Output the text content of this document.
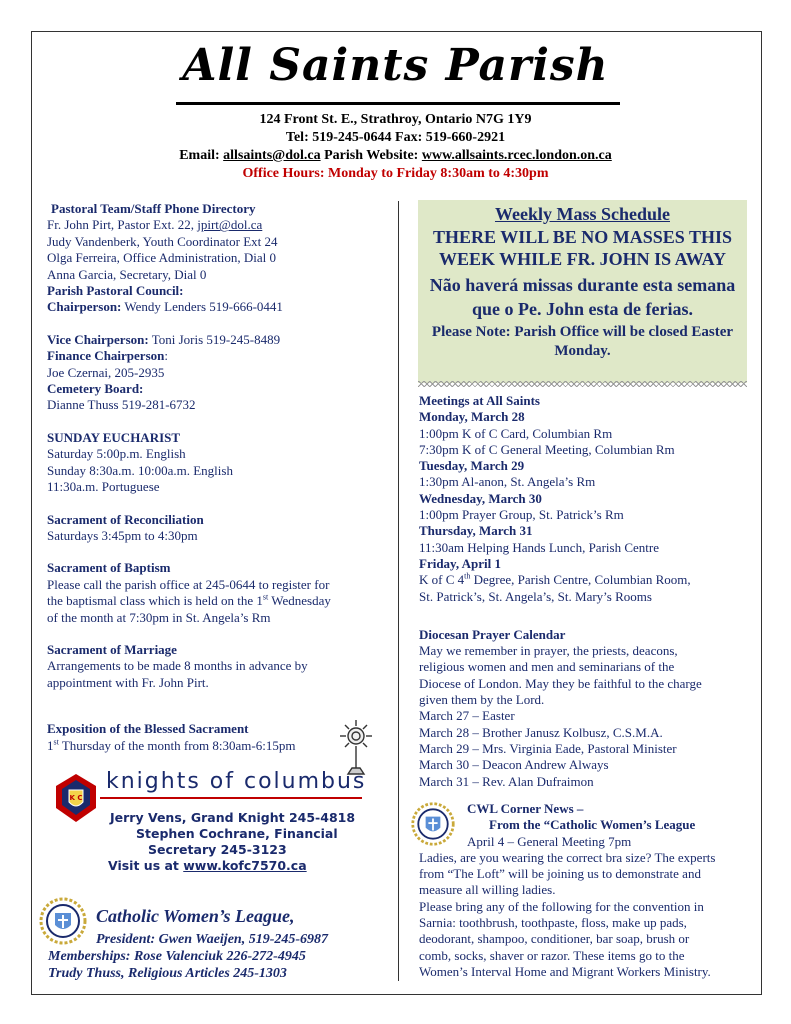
All Saints Parish
124 Front St. E., Strathroy, Ontario N7G 1Y9
Tel: 519-245-0644 Fax: 519-660-2921
Email: allsaints@dol.ca Parish Website: www.allsaints.rcec.london.on.ca
Office Hours: Monday to Friday 8:30am to 4:30pm
Pastoral Team/Staff Phone Directory
Fr. John Pirt, Pastor Ext. 22, jpirt@dol.ca
Judy Vandenberk, Youth Coordinator Ext 24
Olga Ferreira, Office Administration, Dial 0
Anna Garcia, Secretary, Dial 0
Parish Pastoral Council:
Chairperson: Wendy Lenders 519-666-0441
Vice Chairperson: Toni Joris 519-245-8489
Finance Chairperson:
Joe Czernai, 205-2935
Cemetery Board:
Dianne Thuss 519-281-6732
SUNDAY EUCHARIST
Saturday 5:00p.m. English
Sunday 8:30a.m. 10:00a.m. English
11:30a.m. Portuguese
Sacrament of Reconciliation
Saturdays 3:45pm to 4:30pm
Sacrament of Baptism
Please call the parish office at 245-0644 to register for
the baptismal class which is held on the 1st Wednesday
of the month at 7:30pm in St. Angela’s Rm
Sacrament of Marriage
Arrangements to be made 8 months in advance by
appointment with Fr. John Pirt.
Exposition of the Blessed Sacrament
1st Thursday of the month from 8:30am-6:15pm
K C
knights of columbus
Jerry Vens, Grand Knight 245-4818
Stephen Cochrane, Financial
Secretary 245-3123
Visit us at www.kofc7570.ca
Catholic Women’s League,
President: Gwen Waeijen, 519-245-6987
Memberships: Rose Valenciuk 226-272-4945
Trudy Thuss, Religious Articles 245-1303
Weekly Mass Schedule
THERE WILL BE NO MASSES THIS WEEK WHILE FR. JOHN IS AWAY
Não haverá missas durante esta semana que o Pe. John esta de ferias.
Please Note: Parish Office will be closed Easter Monday.
Meetings at All Saints
Monday, March 28
1:00pm K of C Card, Columbian Rm
7:30pm K of C General Meeting, Columbian Rm
Tuesday, March 29
1:30pm Al-anon, St. Angela’s Rm
Wednesday, March 30
1:00pm Prayer Group, St. Patrick’s Rm
Thursday, March 31
11:30am Helping Hands Lunch, Parish Centre
Friday, April 1
K of C 4th Degree, Parish Centre, Columbian Room,
St. Patrick’s, St. Angela’s, St. Mary’s Rooms
Diocesan Prayer Calendar
May we remember in prayer, the priests, deacons,
religious women and men and seminarians of the
Diocese of London. May they be faithful to the charge
given them by the Lord.
March 27 – Easter
March 28 – Brother Janusz Kolbusz, C.S.M.A.
March 29 – Mrs. Virginia Eade, Pastoral Minister
March 30 – Deacon Andrew Always
March 31 – Rev. Alan Dufraimon
CWL Corner News –
From the “Catholic Women’s League
April 4 – General Meeting 7pm
Ladies, are you wearing the correct bra size? The experts
from “The Loft” will be joining us to demonstrate and
measure all willing ladies.
Please bring any of the following for the convention in
Sarnia: toothbrush, toothpaste, floss, make up pads,
deodorant, shampoo, conditioner, bar soap, brush or
comb, socks, shaver or razor. These items go to the
Women’s Interval Home and Migrant Workers Ministry.
